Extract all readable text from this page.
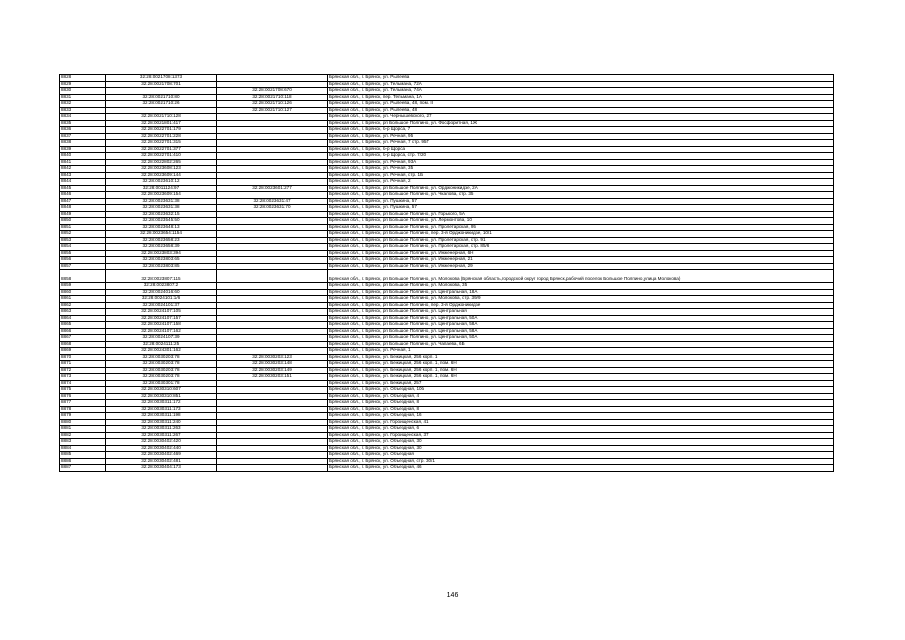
8828	32:28:0021708:1373		Брянская обл., г. Брянск, ул. Рылеева
8829	32:28:0021708:701		Брянская обл., г. Брянск, ул. Тельмана, 72А
8830		32:28:0021708:670	Брянская обл., г. Брянск, ул. Тельмана, 74А
8831	32:28:0021710:80	32:28:0021710:118	Брянская обл., г. Брянск, пер. Тельмана, 1А
8832	32:28:0021710:26	32:28:0021710:126	Брянская обл., г. Брянск, ул. Рылеева, 48, пом. II
8833		32:28:0021710:127	Брянская обл., г. Брянск, ул. Рылеева, 48
8834	32:28:0021710:128		Брянская обл., г. Брянск, ул. Чернышевского, 27
8835	32:28:0021801:417		Брянская обл., г. Брянск, рп Большое Полпино, ул. Фосфоритная, 1Ж
8836	32:28:0022701:179		Брянская обл., г. Брянск, б-р Щорса, 7
8837	32:28:0022701:228		Брянская обл., г. Брянск, ул. Речная, 95
8838	32:28:0022701:315		Брянская обл., г. Брянск, ул. Речная, 7 стр. 95Г
8839	32:28:0022701:377		Брянская обл., г. Брянск, б-р Щорса
8840	32:28:0022701:410		Брянская обл., г. Брянск, б-р Щорса, стр. 7/20
8841	32:28:0022802:265		Брянская обл., г. Брянск, ул. Речная, 93А
8842	32:28:0023608:123		Брянская обл., г. Брянск, ул. Речная, 35
8843	32:28:0023609:144		Брянская обл., г. Брянск, ул. Речная, стр. 1Б
8844	32:28:0023610:12		Брянская обл., г. Брянск, ул. Речная, 2
8845	32:28:0011124:97	32:28:0023601:277	Брянская обл., г. Брянск, рп Большое Полпино, ул. Орджоникидзе, 2А
8846	32:28:0023609:154		Брянская обл., г. Брянск, рп Большое Полпино, ул. Чкалова, стр. 35
8847	32:28:0023631:38	32:28:0023631:47	Брянская обл., г. Брянск, ул. Пушкина, 57
8848	32:28:0023631:38	32:28:0023631:70	Брянская обл., г. Брянск, ул. Пушкина, 57
8849	32:28:0023632:15		Брянская обл., г. Брянск, рп Большое Полпино, ул. Горького, 5А
8850	32:28:0023545:50		Брянская обл., г. Брянск, рп Большое Полпино, ул. Лермонтова, 10
8851	32:28:0023648:13		Брянская обл., г. Брянск, рп Большое Полпино, ул. Пролетарская, 95
8852	32:28:0023654:1154		Брянская обл., г. Брянск, рп Большое Полпино, пер. 3-й Орджоникидзе, 10/1
8853	32:28:0023658:23		Брянская обл., г. Брянск, рп Большое Полпино, ул. Пролетарская, стр. 91
8854	32:28:0023658:39		Брянская обл., г. Брянск, рп Большое Полпино, ул. Пролетарская, стр. 85/6
8855	32:28:0023803:394		Брянская обл., г. Брянск, рп Большое Полпино, ул. Инженерная, 6Н
8856	32:28:0023803:65		Брянская обл., г. Брянск, рп Большое Полпино, ул. Инженерная, 21
8857	32:28:0023803:85		Брянская обл., г. Брянск, рп Большое Полпино, ул. Инженерная, 29
8858	32:28:0023807:115		Брянская обл., г. Брянск, рп Большое Полпино, ул. Молокова (Брянская область,городской округ город Брянск,рабочий поселок Большое Полпино,улица Молокова)
8859	32:28:0023807:2		Брянская обл., г. Брянск, рп Большое Полпино, ул. Молокова, 35
8860	32:28:0024016:60		Брянская обл., г. Брянск, рп Большое Полпино, ул. Центральная, 18А
8861	32:28:0024101:1/6		Брянская обл., г. Брянск, рп Большое Полпино, ул. Молокова, стр. 39/9
8862	32:28:0024101:37		Брянская обл., г. Брянск, рп Большое Полпино, пер. 3-й Орджоникидзе
8863	32:28:0024107:105		Брянская обл., г. Брянск, рп Большое Полпино, ул. Центральная
8864	32:28:0024107:157		Брянская обл., г. Брянск, рп Большое Полпино, ул. Центральная, 50А
8865	32:28:0024107:158		Брянская обл., г. Брянск, рп Большое Полпино, ул. Центральная, 58А
8866	32:28:0024107:162		Брянская обл., г. Брянск, рп Большое Полпино, ул. Центральная, 58А
8867	32:28:0024107:39		Брянская обл., г. Брянск, рп Большое Полпино, ул. Центральная, 50А
8868	32:28:0024111:25		Брянская обл., г. Брянск, рп Большое Полпино, ул. Чапаева, 6Б
8869	32:28:0024301:162		Брянская обл., г. Брянск, ул. Речная, 1
8870	32:28:0030203:78	32:28:0030203:123	Брянская обл., г. Брянск, ул. Бежицкая, 256 корп. 1
8871	32:28:0030203:78	32:28:0030203:148	Брянская обл., г. Брянск, ул. Бежицкая, 256 корп. 1, пом. 6Н
8872	32:28:0030203:78	32:28:0030203:149	Брянская обл., г. Брянск, ул. Бежицкая, 256 корп. 1, пом. 6Н
8873	32:28:0030203:78	32:28:0030203:151	Брянская обл., г. Брянск, ул. Бежицкая, 256 корп. 1, пом. 6Н
8874	32:28:0030301:78		Брянская обл., г. Брянск, ул. Бежицкая, 257
8875	32:28:0030310:607		Брянская обл., г. Брянск, ул. Объездная, 10б
8876	32:28:0030310:851		Брянская обл., г. Брянск, ул. Объездная, 4
8877	32:28:0030311:172		Брянская обл., г. Брянск, ул. Объездная, 8
8878	32:28:0030311:173		Брянская обл., г. Брянск, ул. Объездная, 8
8879	32:28:0030311:198		Брянская обл., г. Брянск, ул. Объездная, 16
8880	32:28:0030311:240		Брянская обл., г. Брянск, ул. Гороищенская, 41
8881	32:28:0030311:263		Брянская обл., г. Брянск, ул. Объездная, 6
8882	32:28:0030311:267		Брянская обл., г. Брянск, ул. Гороищенская, 37
8883	32:28:0030402:420		Брянская обл., г. Брянск, ул. Объездная, 30
8884	32:28:0030402:440		Брянская обл., г. Брянск, ул. Объездная, 30
8885	32:28:0030402:469		Брянская обл., г. Брянск, ул. Объездная
8886	32:28:0030402:481		Брянская обл., г. Брянск, ул. Объездная, стр. 30/1
8887	32:28:0030404:173		Брянская обл., г. Брянск, ул. Объездная, 46
146
